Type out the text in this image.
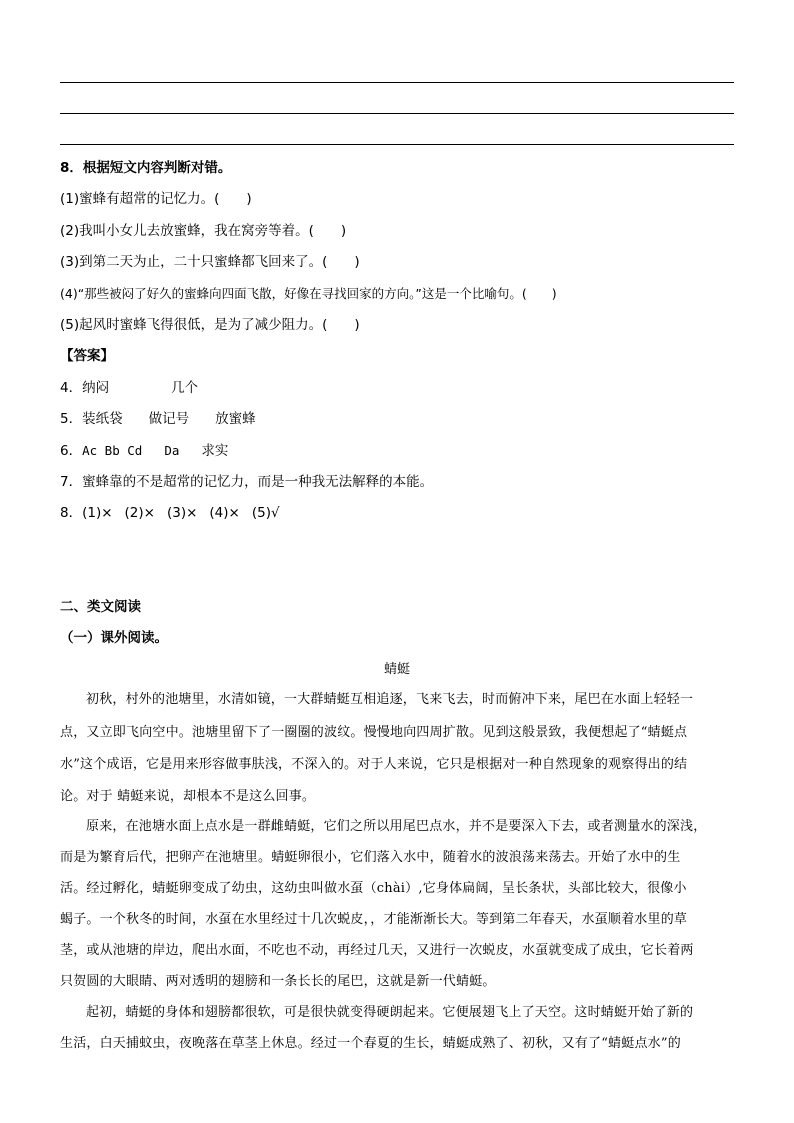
8．根据短文内容判断对错。
(1)蜜蜂有超常的记忆力。(　　)
(2)我叫小女儿去放蜜蜂，我在窝旁等着。(　　)
(3)到第二天为止，二十只蜜蜂都飞回来了。(　　)
(4)“那些被闷了好久的蜜蜂向四面飞散，好像在寻找回家的方向。”这是一个比喻句。(　　)
(5)起风时蜜蜂飞得很低，是为了减少阻力。(　　)
【答案】
4．纳闷	几个
5．装纸袋 做记号 放蜜蜂
6．Ac Bb Cd Da 求实
7．蜜蜂靠的不是超常的记忆力，而是一种我无法解释的本能。
8．(1)× (2)× (3)× (4)× (5)√
二、类文阅读
（一）课外阅读。
蜻蜓
初秋，村外的池塘里，水清如镜，一大群蜻蜓互相追逐，飞来飞去，时而俯冲下来，尾巴在水面上轻轻一
点，又立即飞向空中。池塘里留下了一圈圈的波纹。慢慢地向四周扩散。见到这般景致，我便想起了“蜻蜓点
水”这个成语，它是用来形容做事肤浅，不深入的。对于人来说，它只是根据对一种自然现象的观察得出的结
论。对于 蜻蜓来说，却根本不是这么回事。
原来，在池塘水面上点水是一群雌蜻蜓，它们之所以用尾巴点水，并不是要深入下去，或者测量水的深浅，
而是为繁育后代，把卵产在池塘里。蜻蜓卵很小，它们落入水中，随着水的波浪荡来荡去。开始了水中的生
活。经过孵化，蜻蜓卵变成了幼虫，这幼虫叫做水虿（chài）,它身体扁阔，呈长条状，头部比较大，很像小
蝎子。一个秋冬的时间，水虿在水里经过十几次蜕皮，，才能渐渐长大。等到第二年春天，水虿顺着水里的草
茎，或从池塘的岸边，爬出水面，不吃也不动，再经过几天，又进行一次蜕皮，水虿就变成了成虫，它长着两
只贺圆的大眼睛、两对透明的翅膀和一条长长的尾巴，这就是新一代蜻蜓。
起初，蜻蜓的身体和翅膀都很软，可是很快就变得硬朗起来。它便展翅飞上了天空。这时蜻蜓开始了新的
生活，白天捕蚊虫，夜晚落在草茎上休息。经过一个春夏的生长，蜻蜓成熟了、初秋，又有了“蜻蜓点水”的
